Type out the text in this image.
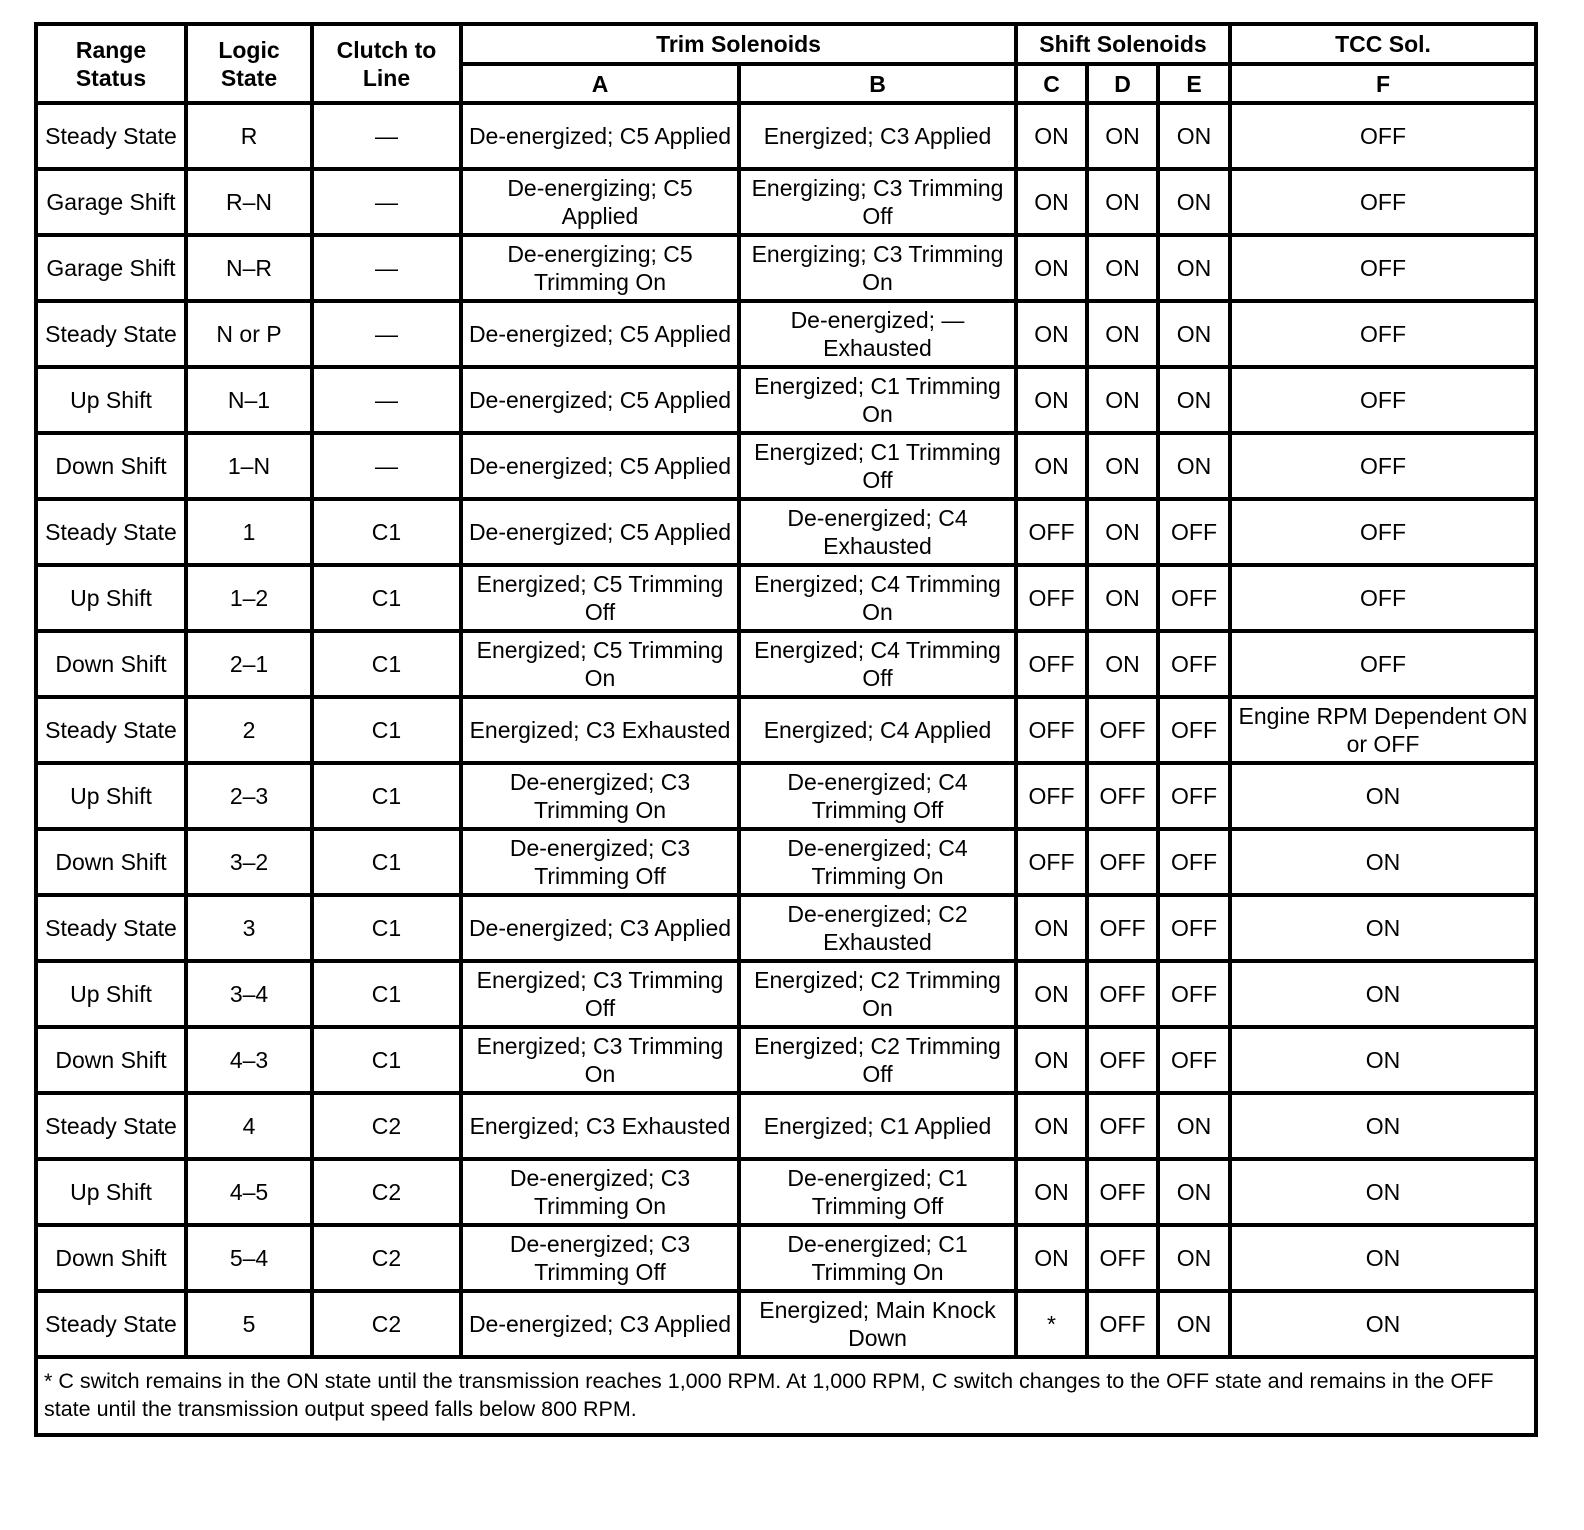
Range Status	Logic State	Clutch to Line	Trim Solenoids		Shift Solenoids			TCC Sol.
			A	B	C	D	E	F
Steady State	R	—	De-energized; C5 Applied	Energized; C3 Applied	ON	ON	ON	OFF
Garage Shift	R–N	—	De-energizing; C5 Applied	Energizing; C3 Trimming Off	ON	ON	ON	OFF
Garage Shift	N–R	—	De-energizing; C5 Trimming On	Energizing; C3 Trimming On	ON	ON	ON	OFF
Steady State	N or P	—	De-energized; C5 Applied	De-energized; — Exhausted	ON	ON	ON	OFF
Up Shift	N–1	—	De-energized; C5 Applied	Energized; C1 Trimming On	ON	ON	ON	OFF
Down Shift	1–N	—	De-energized; C5 Applied	Energized; C1 Trimming Off	ON	ON	ON	OFF
Steady State	1	C1	De-energized; C5 Applied	De-energized; C4 Exhausted	OFF	ON	OFF	OFF
Up Shift	1–2	C1	Energized; C5 Trimming Off	Energized; C4 Trimming On	OFF	ON	OFF	OFF
Down Shift	2–1	C1	Energized; C5 Trimming On	Energized; C4 Trimming Off	OFF	ON	OFF	OFF
Steady State	2	C1	Energized; C3 Exhausted	Energized; C4 Applied	OFF	OFF	OFF	Engine RPM Dependent ON or OFF
Up Shift	2–3	C1	De-energized; C3 Trimming On	De-energized; C4 Trimming Off	OFF	OFF	OFF	ON
Down Shift	3–2	C1	De-energized; C3 Trimming Off	De-energized; C4 Trimming On	OFF	OFF	OFF	ON
Steady State	3	C1	De-energized; C3 Applied	De-energized; C2 Exhausted	ON	OFF	OFF	ON
Up Shift	3–4	C1	Energized; C3 Trimming Off	Energized; C2 Trimming On	ON	OFF	OFF	ON
Down Shift	4–3	C1	Energized; C3 Trimming On	Energized; C2 Trimming Off	ON	OFF	OFF	ON
Steady State	4	C2	Energized; C3 Exhausted	Energized; C1 Applied	ON	OFF	ON	ON
Up Shift	4–5	C2	De-energized; C3 Trimming On	De-energized; C1 Trimming Off	ON	OFF	ON	ON
Down Shift	5–4	C2	De-energized; C3 Trimming Off	De-energized; C1 Trimming On	ON	OFF	ON	ON
Steady State	5	C2	De-energized; C3 Applied	Energized; Main Knock Down	*	OFF	ON	ON
* C switch remains in the ON state until the transmission reaches 1,000 RPM. At 1,000 RPM, C switch changes to the OFF state and remains in the OFF state until the transmission output speed falls below 800 RPM.								
